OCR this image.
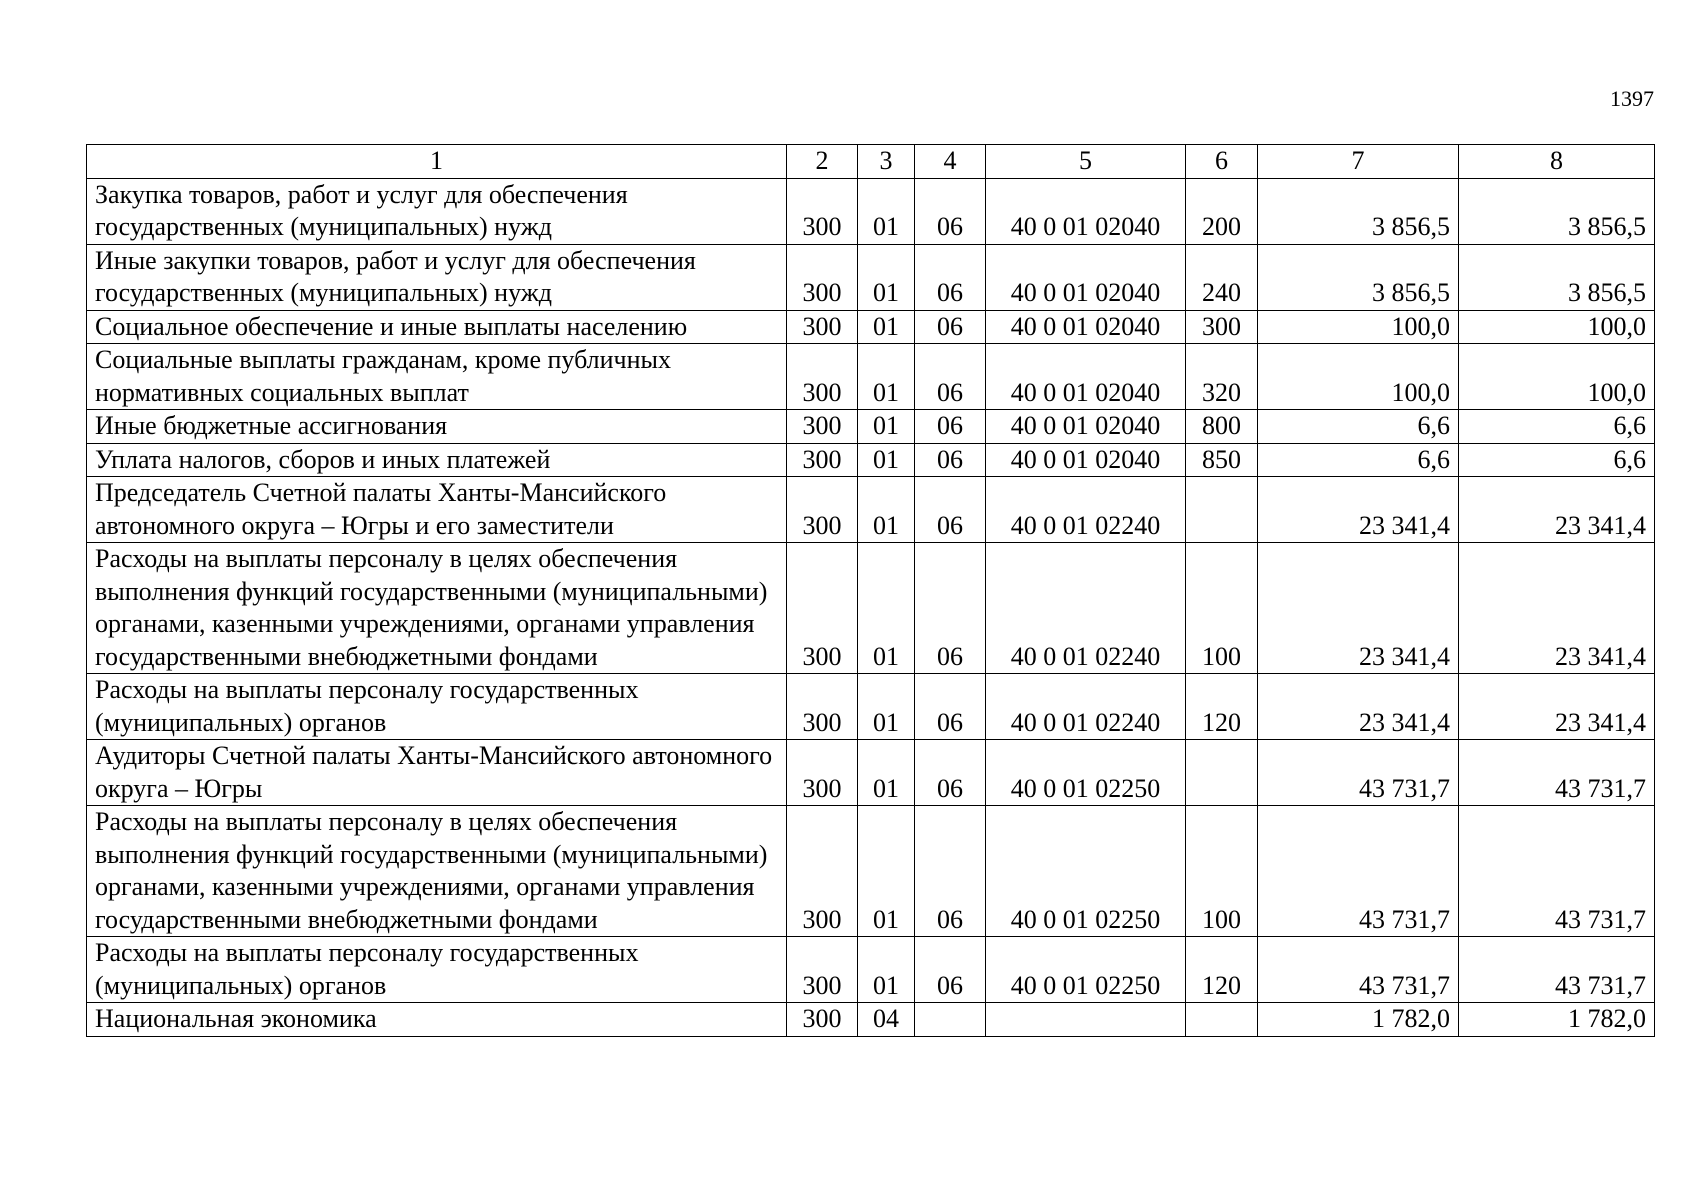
1397
1	2	3	4	5	6	7	8
Закупка товаров, работ и услуг для обеспечения государственных (муниципальных) нужд	300	01	06	40 0 01 02040	200	3 856,5	3 856,5
Иные закупки товаров, работ и услуг для обеспечения государственных (муниципальных) нужд	300	01	06	40 0 01 02040	240	3 856,5	3 856,5
Социальное обеспечение и иные выплаты населению	300	01	06	40 0 01 02040	300	100,0	100,0
Социальные выплаты гражданам, кроме публичных нормативных социальных выплат	300	01	06	40 0 01 02040	320	100,0	100,0
Иные бюджетные ассигнования	300	01	06	40 0 01 02040	800	6,6	6,6
Уплата налогов, сборов и иных платежей	300	01	06	40 0 01 02040	850	6,6	6,6
Председатель Счетной палаты Ханты-Мансийского автономного округа – Югры и его заместители	300	01	06	40 0 01 02240		23 341,4	23 341,4
Расходы на выплаты персоналу в целях обеспечения выполнения функций государственными (муниципальными) органами, казенными учреждениями, органами управления государственными внебюджетными фондами	300	01	06	40 0 01 02240	100	23 341,4	23 341,4
Расходы на выплаты персоналу государственных (муниципальных) органов	300	01	06	40 0 01 02240	120	23 341,4	23 341,4
Аудиторы Счетной палаты Ханты-Мансийского автономного округа – Югры	300	01	06	40 0 01 02250		43 731,7	43 731,7
Расходы на выплаты персоналу в целях обеспечения выполнения функций государственными (муниципальными) органами, казенными учреждениями, органами управления государственными внебюджетными фондами	300	01	06	40 0 01 02250	100	43 731,7	43 731,7
Расходы на выплаты персоналу государственных (муниципальных) органов	300	01	06	40 0 01 02250	120	43 731,7	43 731,7
Национальная экономика	300	04				1 782,0	1 782,0
